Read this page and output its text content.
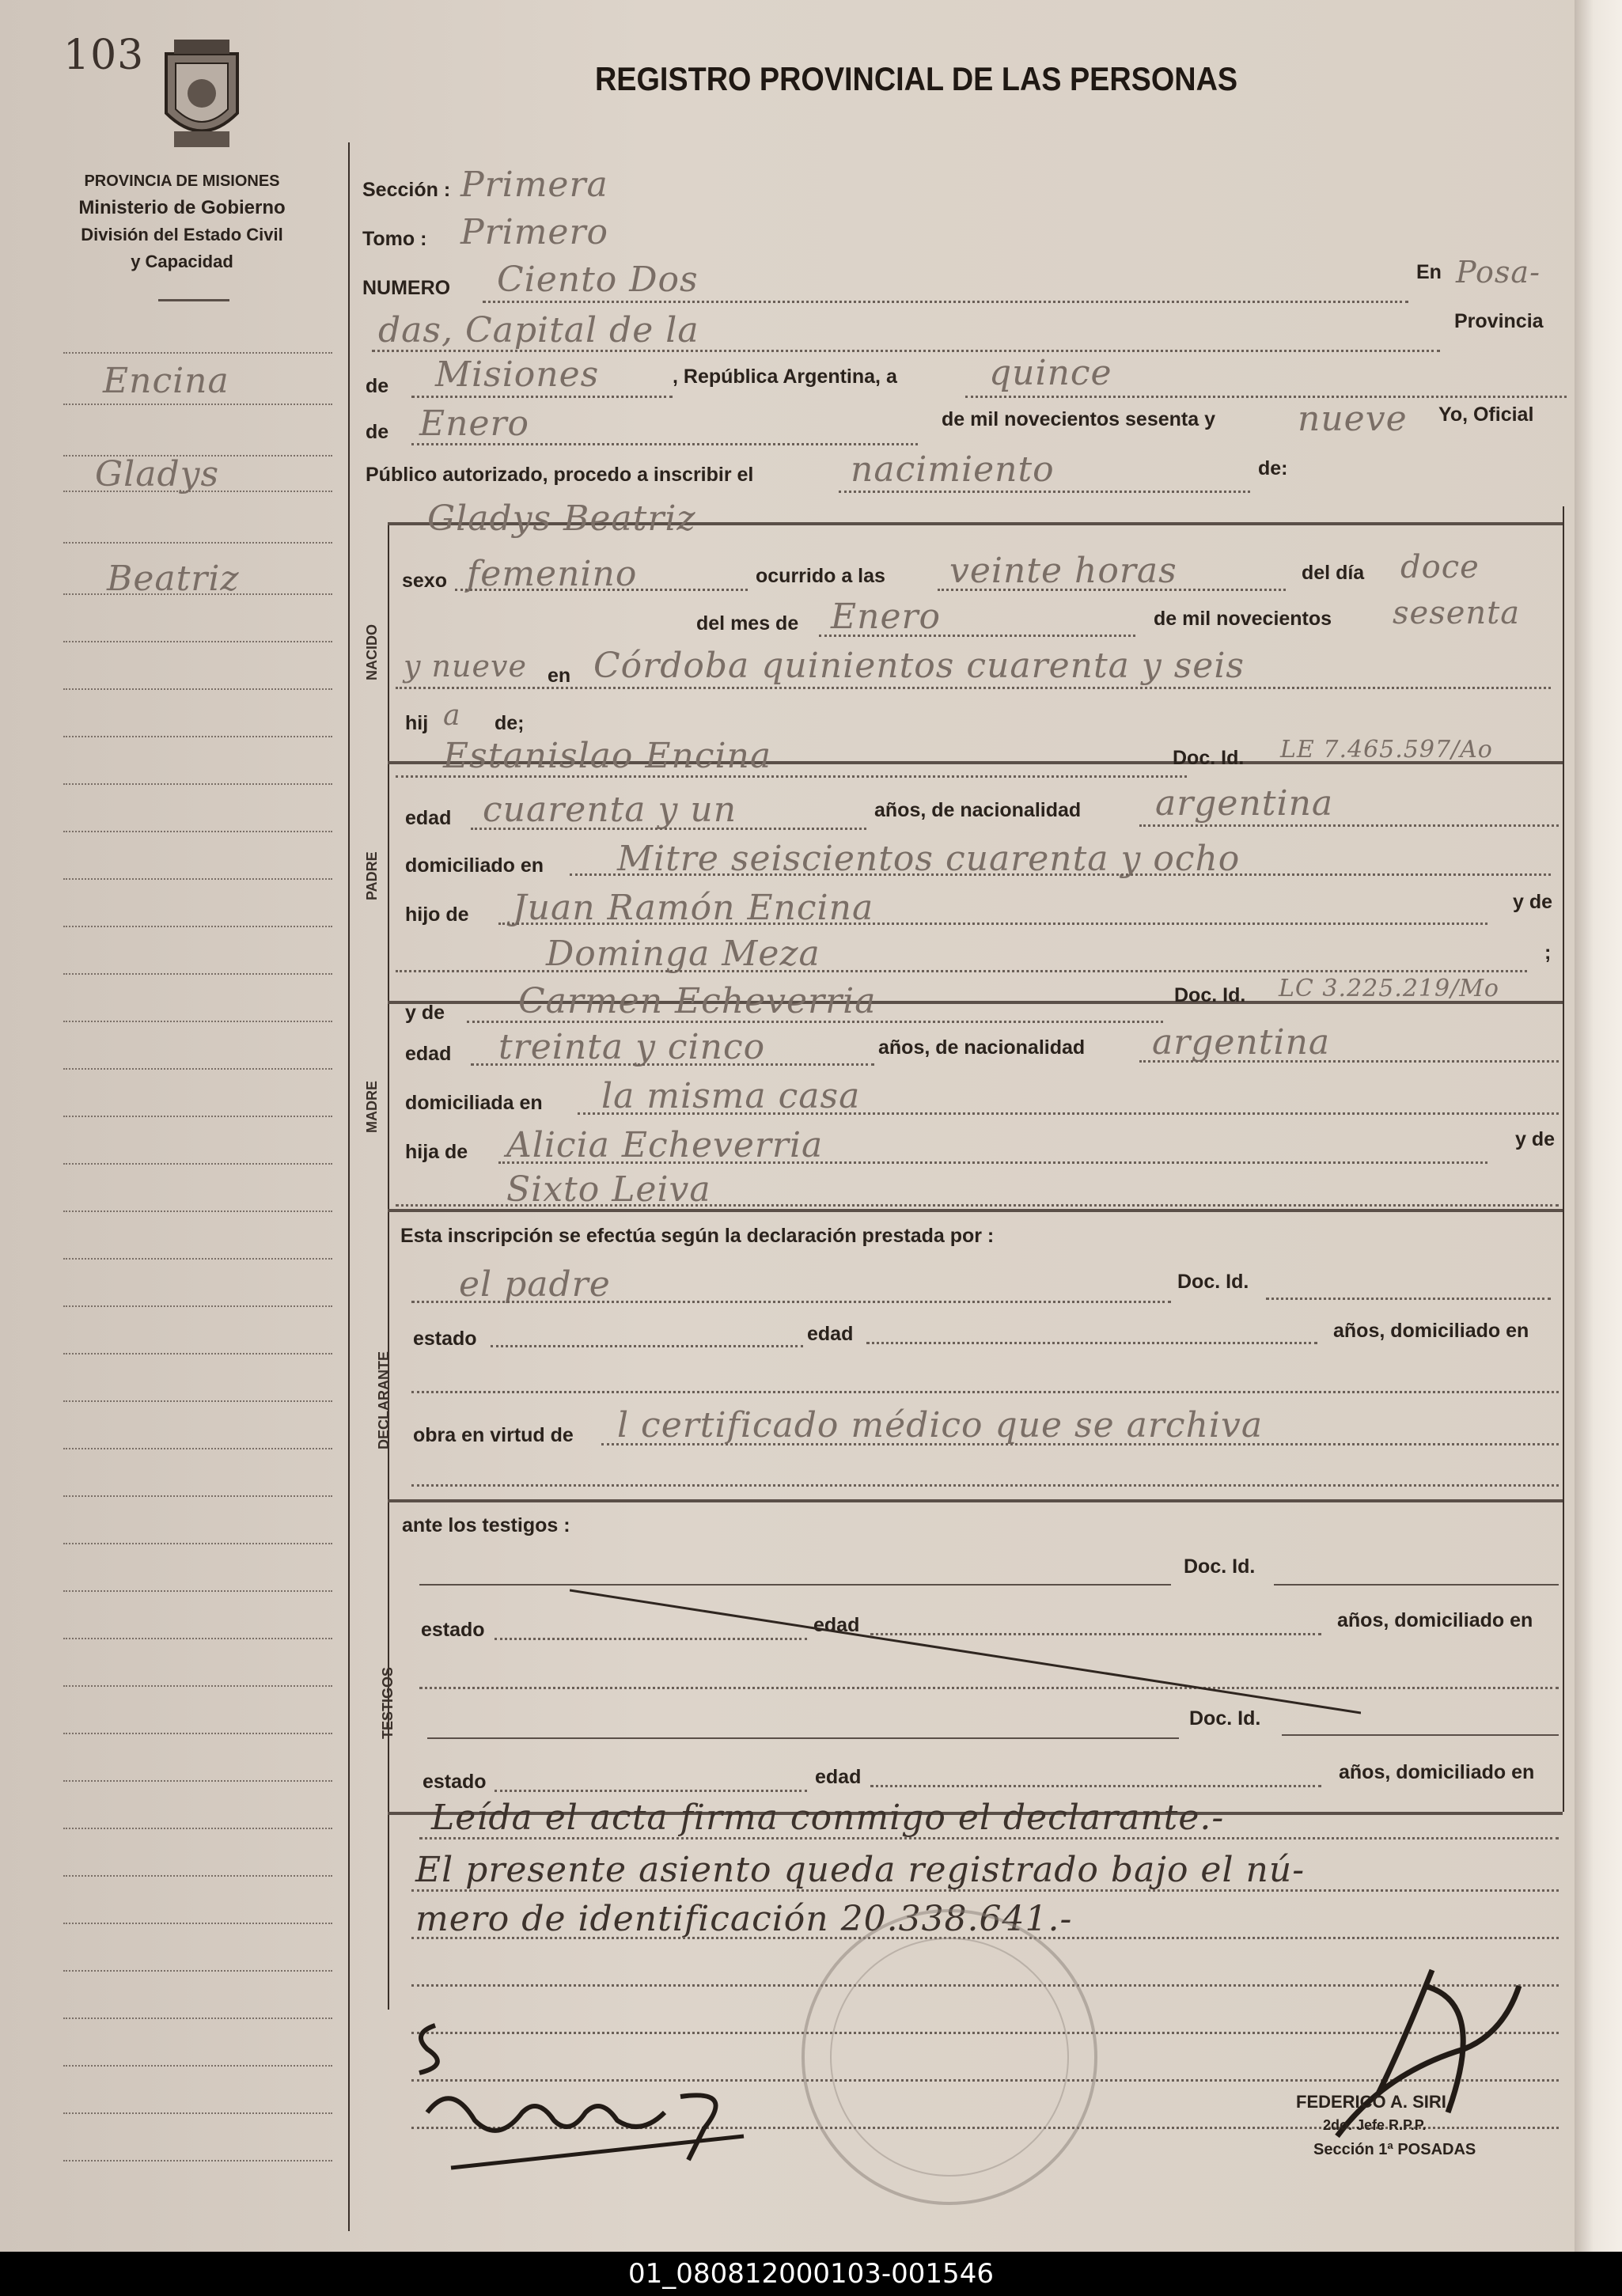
103	REGISTRO PROVINCIAL DE LAS PERSONAS
PROVINCIA DE MISIONES
Ministerio de Gobierno
División del Estado Civil
y Capacidad
Encina
Gladys
Beatriz
NACIDO
PADRE
MADRE
DECLARANTE
TESTIGOS
Sección : Primera
Tomo : Primero
NUMERO Ciento Dos	En Posa-
das, Capital de la	Provincia
de Misiones	, República Argentina, a	quince
de Enero	de mil novecientos sesenta y nueve Yo, Oficial
Público autorizado, procedo a inscribir el	nacimiento	de:
Gladys Beatriz
sexo femenino	ocurrido a las veinte horas	del día doce
del mes de Enero	de mil novecientos sesenta
y nueve en Córdoba quinientos cuarenta y seis
hij a de;
Estanislao Encina	Doc. Id. LE 7.465.597/Ao
edad cuarenta y un	años, de nacionalidad argentina
domiciliado en Mitre seiscientos cuarenta y ocho
hijo de Juan Ramón Encina	y de
Dominga Meza	;
y de Carmen Echeverria	Doc. Id. LC 3.225.219/Mo
edad treinta y cinco	años, de nacionalidad argentina
domiciliada en la misma casa
hija de Alicia Echeverria	y de
Sixto Leiva
Esta inscripción se efectúa según la declaración prestada por :
el padre	Doc. Id.
estado	edad	años, domiciliado en
obra en virtud de l certificado médico que se archiva
ante los testigos :
Doc. Id.
estado	edad	años, domiciliado en
Doc. Id.
estado	edad	años, domiciliado en
Leída el acta firma conmigo el declarante.-
El presente asiento queda registrado bajo el nú-
mero de identificación 20.338.641.-
FEDERICO A. SIRI
2do. Jefe R.P.P.
Sección 1ª POSADAS
01_080812000103-001546
